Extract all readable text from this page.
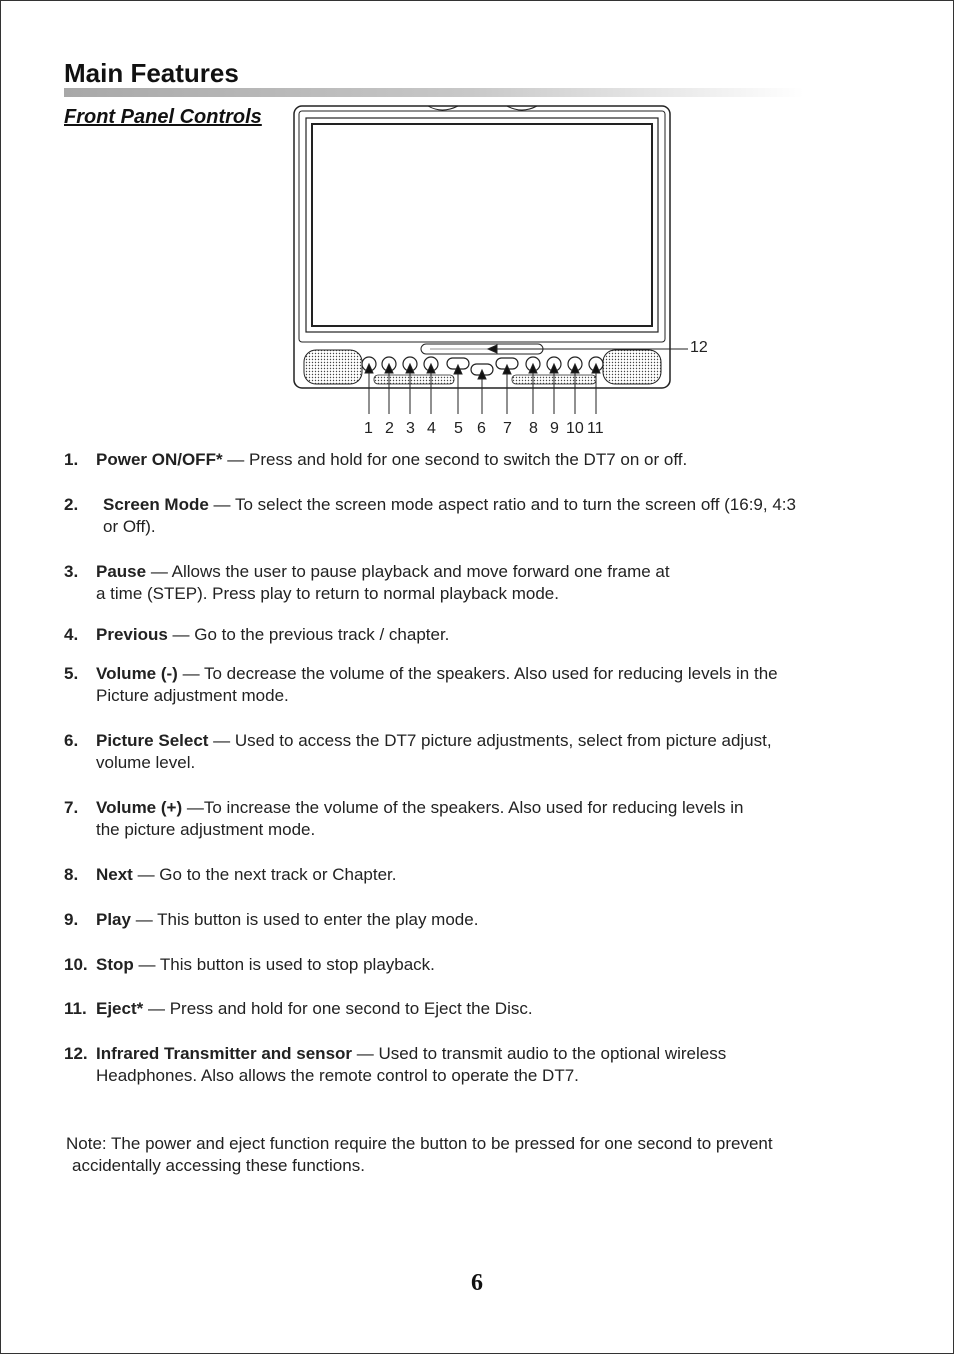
Main Features
Front Panel Controls
1 2 3 4 5 6 7 8 9 10 11
12
1. Power ON/OFF* — Press and hold for one second to switch the DT7 on or off.

2. Screen Mode — To select the screen mode aspect ratio and to turn the screen off (16:9, 4:3
or Off).
3. Pause — Allows the user to pause playback and move forward one frame at
a time (STEP). Press play to return to normal playback mode.
4. Previous — Go to the previous track / chapter.

5. Volume (-) — To decrease the volume of the speakers. Also used for reducing levels in the
Picture adjustment mode.
6. Picture Select — Used to access the DT7 picture adjustments, select from picture adjust,
volume level.
7. Volume (+) —To increase the volume of the speakers. Also used for reducing levels in
the picture adjustment mode.
8. Next — Go to the next track or Chapter.

9. Play — This button is used to enter the play mode.

10. Stop — This button is used to stop playback.

11. Eject* — Press and hold for one second to Eject the Disc.

12. Infrared Transmitter and sensor — Used to transmit audio to the optional wireless
Headphones. Also allows the remote control to operate the DT7.
Note: The power and eject function require the button to be pressed for one second to prevent
accidentally accessing these functions.
6
